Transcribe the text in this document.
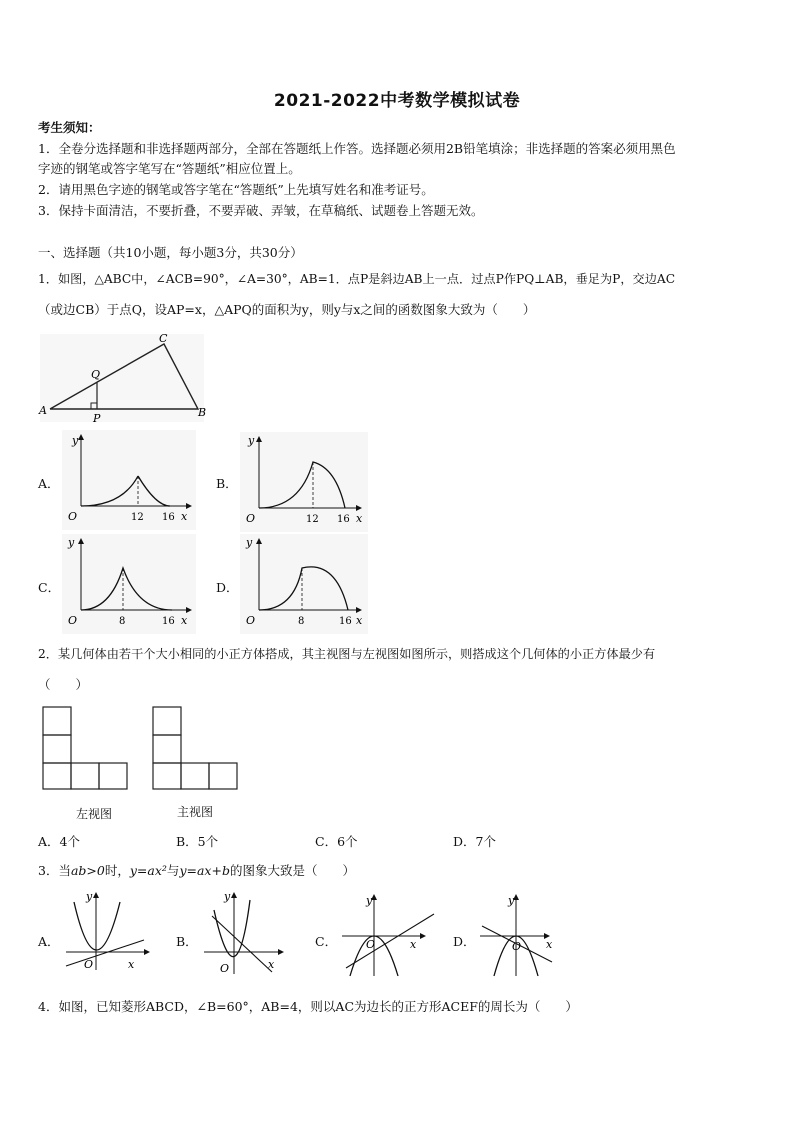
2021-2022中考数学模拟试卷
考生须知：
1．全卷分选择题和非选择题两部分，全部在答题纸上作答。选择题必须用2B铅笔填涂；非选择题的答案必须用黑色
字迹的钢笔或答字笔写在“答题纸”相应位置上。
2．请用黑色字迹的钢笔或答字笔在“答题纸”上先填写姓名和准考证号。
3．保持卡面清洁，不要折叠，不要弄破、弄皱，在草稿纸、试题卷上答题无效。
一、选择题（共10小题，每小题3分，共30分）
1．如图，△ABC中，∠ACB=90°，∠A=30°，AB=1．点P是斜边AB上一点．过点P作PQ⊥AB，垂足为P，交边AC
（或边CB）于点Q，设AP=x，△APQ的面积为y，则y与x之间的函数图象大致为（　　）
A
C
B
Q
P
A．
y
O	12 16 x
B．
y
O	12 16 x
C．
y
O	8	16 x
D．
y
O	8	16 x
2．某几何体由若干个大小相同的小正方体搭成，其主视图与左视图如图所示，则搭成这个几何体的小正方体最少有
（　　）
左视图	主视图
A．4个	B．5个	C．6个	D．7个
3．当ab>0时，y=ax²与y=ax+b的图象大致是（　　）
A．
y
O	x
B．
y
O	x
C．
y
O	x	D．
y
O x
4．如图，已知菱形ABCD，∠B=60°，AB=4，则以AC为边长的正方形ACEF的周长为（　　）
